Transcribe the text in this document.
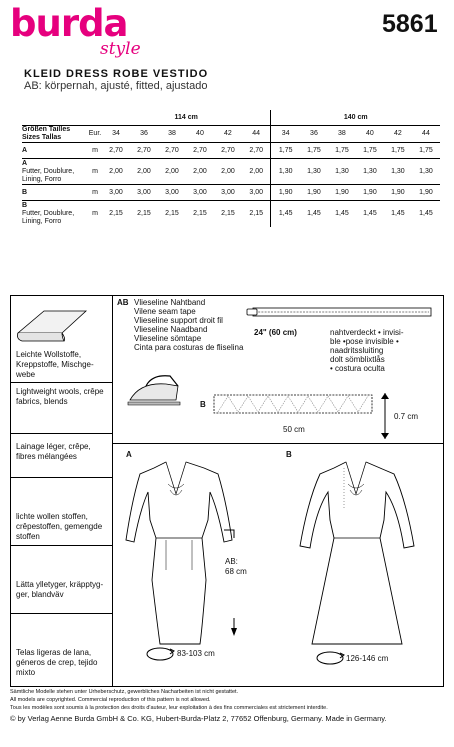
burda
style
5861
KLEID DRESS ROBE VESTIDO
AB: körpernah, ajusté, fitted, ajustado
		114 cm						140 cm					
Größen Tailles
Sizes Tallas	Eur.	34	36	38	40	42	44	34	36	38	40	42	44

A	m	2,70	2,70	2,70	2,70	2,70	2,70	1,75	1,75	1,75	1,75	1,75	1,75

A
Futter, Doublure,
Lining, Forro	m	2,00	2,00	2,00	2,00	2,00	2,00	1,30	1,30	1,30	1,30	1,30	1,30

B	m	3,00	3,00	3,00	3,00	3,00	3,00	1,90	1,90	1,90	1,90	1,90	1,90

B
Futter, Doublure,
Lining, Forro	m	2,15	2,15	2,15	2,15	2,15	2,15	1,45	1,45	1,45	1,45	1,45	1,45
Leichte Wollstoffe, Kreppstoffe, Mischge-webe
Lightweight wools, crêpe fabrics, blends
Lainage léger, crêpe, fibres mélangées
lichte wollen stoffen, crêpestoffen, gemengde stoffen
Lätta ylletyger, kräpptyg-ger, blandväv
Telas ligeras de lana, géneros de crep, tejido mixto
AB Vlieseline Nahtband
Vilene seam tape
Vlieseline support droit fil
Vlieseline Naadband
Vlieseline sömtape
Cinta para costuras de fliselina
24" (60 cm)	nahtverdeckt • invisi-
ble •pose invisible •
naadritssluiting
dolt sömblixtlås
• costura oculta
B
50 cm
0.7 cm
A
AB:
68 cm
83-103 cm
B
126-146 cm
Sämtliche Modelle stehen unter Urheberschutz, gewerbliches Nacharbeiten ist nicht gestattet.
All models are copyrighted. Commercial reproduction of this pattern is not allowed.
Tous les modèles sont soumis à la protection des droits d'auteur, leur exploitation à des fins commerciales est strictement interdite.
© by Verlag Aenne Burda GmbH & Co. KG, Hubert-Burda-Platz 2, 77652 Offenburg, Germany. Made in Germany.
